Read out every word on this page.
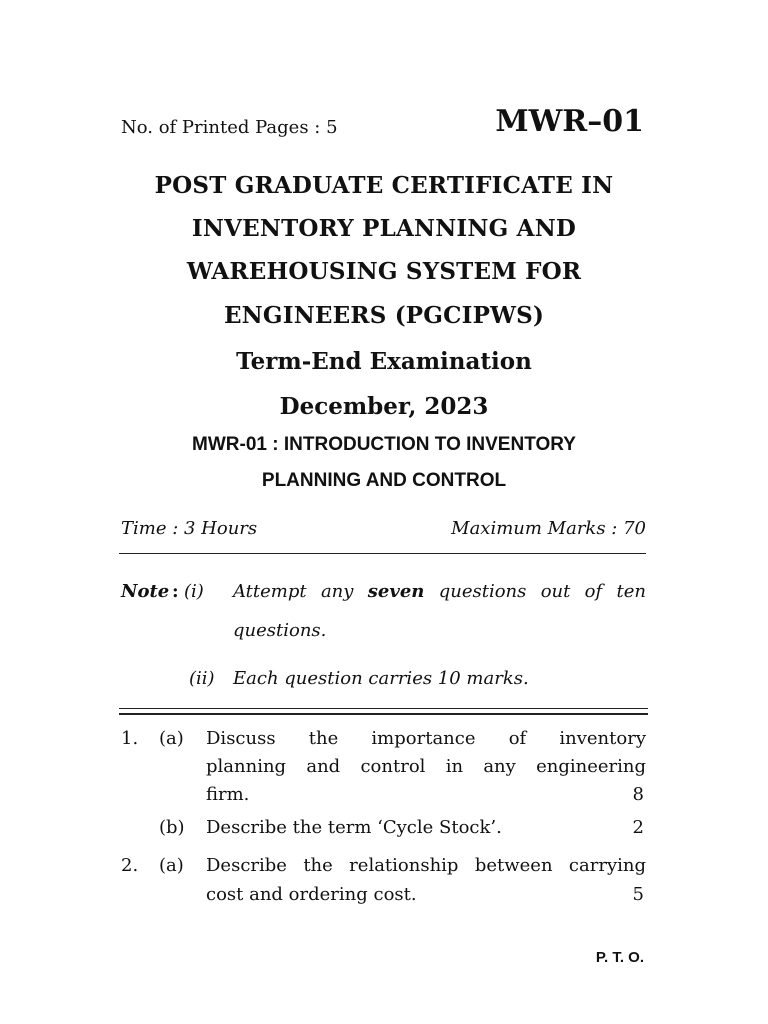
No. of Printed Pages : 5	MWR–01
POST GRADUATE CERTIFICATE IN
INVENTORY PLANNING AND
WAREHOUSING SYSTEM FOR
ENGINEERS (PGCIPWS)
Term-End Examination
December, 2023
MWR-01 : INTRODUCTION TO INVENTORY
PLANNING AND CONTROL
Time : 3 Hours	Maximum Marks : 70
Note : (i) Attempt any seven questions out of ten
questions.
(ii) Each question carries 10 marks.
1. (a) Discuss the importance of inventory
planning and control in any engineering
firm.	8
(b) Describe the term ‘Cycle Stock’.	2
2. (a) Describe the relationship between carrying
cost and ordering cost.	5
P. T. O.
